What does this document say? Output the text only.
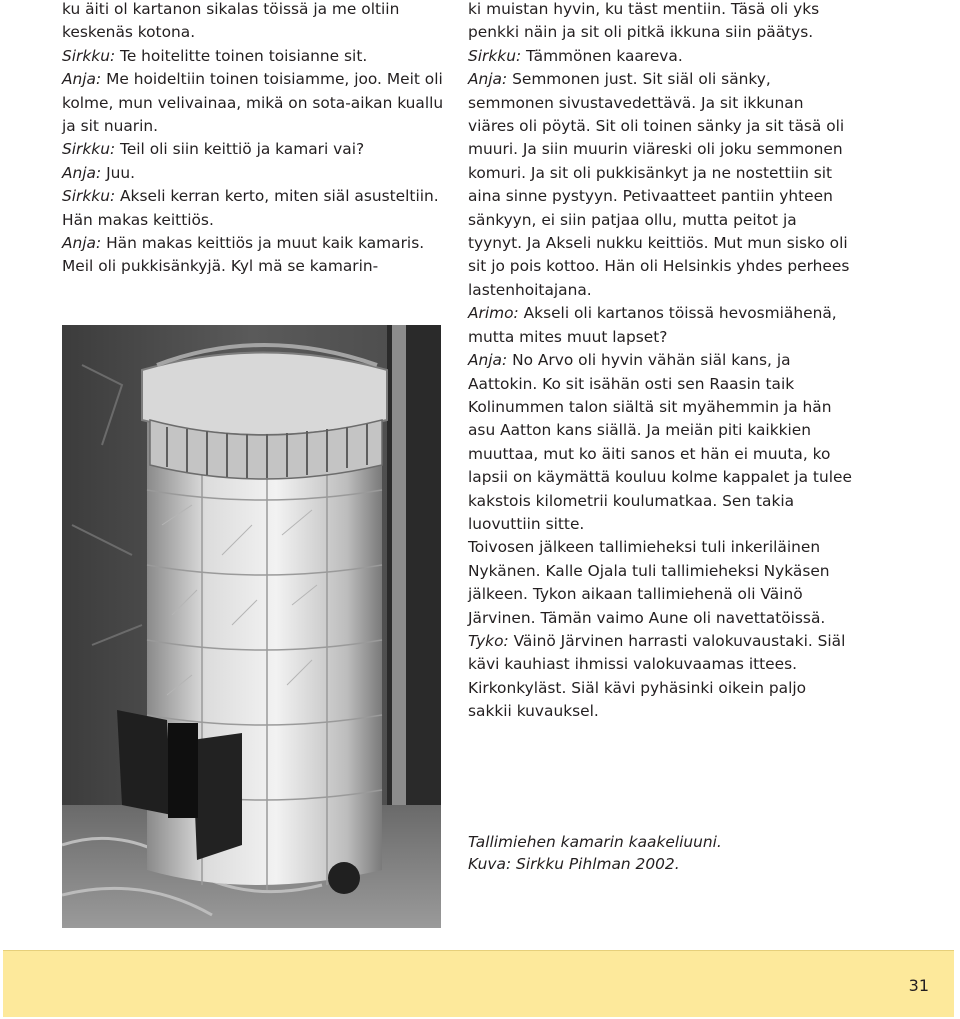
ku äiti ol kartanon sikalas töissä ja me oltiin keskenäs kotona.

Sirkku: Te hoitelitte toinen toisianne sit.

Anja: Me hoideltiin toinen toisiamme, joo. Meit oli kolme, mun velivainaa, mikä on sota-aikan kuallu ja sit nuarin.

Sirkku: Teil oli siin keittiö ja kamari vai?

Anja: Juu.

Sirkku: Akseli kerran kerto, miten siäl asusteltiin. Hän makas keittiös.

Anja: Hän makas keittiös ja muut kaik kamaris. Meil oli pukkisänkyjä. Kyl mä se kamarin-

ki muistan hyvin, ku täst mentiin. Täsä oli yks penkki näin ja sit oli pitkä ikkuna siin päätys.

Sirkku: Tämmönen kaareva.

Anja: Semmonen just. Sit siäl oli sänky, semmonen sivustavedettävä. Ja sit ikkunan viäres oli pöytä. Sit oli toinen sänky ja sit täsä oli muuri. Ja siin muurin viäreski oli joku semmonen komuri. Ja sit oli pukkisänkyt ja ne nostettiin sit aina sinne pystyyn. Petivaatteet pantiin yhteen sänkyyn, ei siin patjaa ollu, mutta peitot ja tyynyt. Ja Akseli nukku keittiös. Mut mun sisko oli sit jo pois kottoo. Hän oli Helsinkis yhdes perhees lastenhoitajana.

Arimo: Akseli oli kartanos töissä hevosmiähenä, mutta mites muut lapset?

Anja: No Arvo oli hyvin vähän siäl kans, ja Aattokin. Ko sit isähän osti sen Raasin taik Kolinummen talon siältä sit myähemmin ja hän asu Aatton kans siällä. Ja meiän piti kaikkien muuttaa, mut ko äiti sanos et hän ei muuta, ko lapsii on käymättä kouluu kolme kappalet ja tulee kakstois kilometrii koulumatkaa. Sen takia luovuttiin sitte.

Toivosen jälkeen tallimieheksi tuli inkeriläinen Nykänen. Kalle Ojala tuli tallimieheksi Nykäsen jälkeen. Tykon aikaan tallimiehenä oli Väinö Järvinen. Tämän vaimo Aune oli navettatöissä.

Tyko: Väinö Järvinen harrasti valokuvaustaki. Siäl kävi kauhiast ihmissi valokuvaamas ittees. Kirkonkyläst. Siäl kävi pyhäsinki oikein paljo sakkii kuvauksel.

Tallimiehen kamarin kaakeliuuni.
Kuva: Sirkku Pihlman 2002.
31
